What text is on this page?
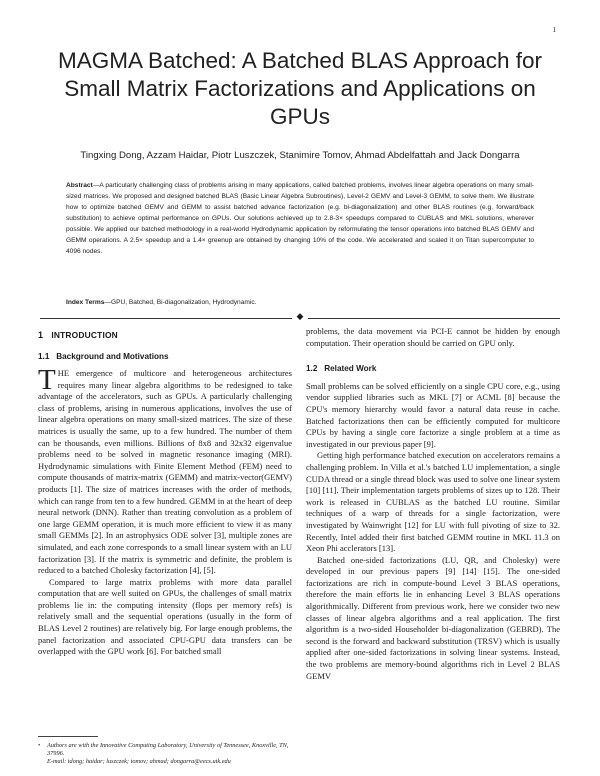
1
MAGMA Batched: A Batched BLAS Approach for Small Matrix Factorizations and Applications on GPUs
Tingxing Dong, Azzam Haidar, Piotr Luszczek, Stanimire Tomov, Ahmad Abdelfattah and Jack Dongarra
Abstract—A particularly challenging class of problems arising in many applications, called batched problems, involves linear algebra operations on many small-sized matrices. We proposed and designed batched BLAS (Basic Linear Algebra Subroutines), Level-2 GEMV and Level-3 GEMM, to solve them. We illustrate how to optimize batched GEMV and GEMM to assist batched advance factorization (e.g. bi-diagonalization) and other BLAS routines (e.g. forward/back substitution) to achieve optimal performance on GPUs. Our solutions achieved up to 2.8-3× speedups compared to CUBLAS and MKL solutions, wherever possible. We applied our batched methodology in a real-world Hydrodynamic application by reformulating the tensor operations into batched BLAS GEMV and GEMM operations. A 2.5× speedup and a 1.4× greenup are obtained by changing 10% of the code. We accelerated and scaled it on Titan supercomputer to 4096 nodes.
Index Terms—GPU, Batched, Bi-diagonalization, Hydrodynamic.
◆
1 INTRODUCTION
1.1 Background and Motivations

THE emergence of multicore and heterogeneous architectures requires many linear algebra algorithms to be redesigned to take advantage of the accelerators, such as GPUs. A particularly challenging class of problems, arising in numerous applications, involves the use of linear algebra operations on many small-sized matrices. The size of these matrices is usually the same, up to a few hundred. The number of them can be thousands, even millions. Billions of 8x8 and 32x32 eigenvalue problems need to be solved in magnetic resonance imaging (MRI). Hydrodynamic simulations with Finite Element Method (FEM) need to compute thousands of matrix-matrix (GEMM) and matrix-vector(GEMV) products [1]. The size of matrices increases with the order of methods, which can range from ten to a few hundred. GEMM in at the heart of deep neural network (DNN). Rather than treating convolution as a problem of one large GEMM operation, it is much more efficient to view it as many small GEMMs [2]. In an astrophysics ODE solver [3], multiple zones are simulated, and each zone corresponds to a small linear system with an LU factorization [3]. If the matrix is symmetric and definite, the problem is reduced to a batched Cholesky factorization [4], [5].

Compared to large matrix problems with more data parallel computation that are well suited on GPUs, the challenges of small matrix problems lie in: the computing intensity (flops per memory refs) is relatively small and the sequential operations (usually in the form of BLAS Level 2 routines) are relatively big. For large enough problems, the panel factorization and associated CPU-GPU data transfers can be overlapped with the GPU work [6]. For batched small

problems, the data movement via PCI-E cannot be hidden by enough computation. Their operation should be carried on GPU only.

1.2 Related Work

Small problems can be solved efficiently on a single CPU core, e.g., using vendor supplied libraries such as MKL [7] or ACML [8] because the CPU's memory hierarchy would favor a natural data reuse in cache. Batched factorizations then can be efficiently computed for multicore CPUs by having a single core factorize a single problem at a time as investigated in our previous paper [9].

Getting high performance batched execution on accelerators remains a challenging problem. In Villa et al.'s batched LU implementation, a single CUDA thread or a single thread block was used to solve one linear system [10] [11]. Their implementation targets problems of sizes up to 128. Their work is released in CUBLAS as the batched LU routine. Similar techniques of a warp of threads for a single factorization, were investigated by Wainwright [12] for LU with full pivoting of size to 32. Recently, Intel added their first batched GEMM routine in MKL 11.3 on Xeon Phi acclerators [13].

Batched one-sided factorizations (LU, QR, and Cholesky) were developed in our previous papers [9] [14] [15]. The one-sided factorizations are rich in compute-bound Level 3 BLAS operations, therefore the main efforts lie in enhancing Level 3 BLAS operations algorithmically. Different from previous work, here we consider two new classes of linear algebra algorithms and a real application. The first algorithm is a two-sided Householder bi-diagonalization (GEBRD). The second is the forward and backward substitution (TRSV) which is usually applied after one-sided factorizations in solving linear systems. Instead, the two problems are memory-bound algorithms rich in Level 2 BLAS GEMV

• Authors are with the Innovative Computing Laboratory, University of Tennessee, Knoxville, TN, 37996.
E-mail: tdong; haidar; luszczek; tomov; ahmad; dongarra@eecs.utk.edu
